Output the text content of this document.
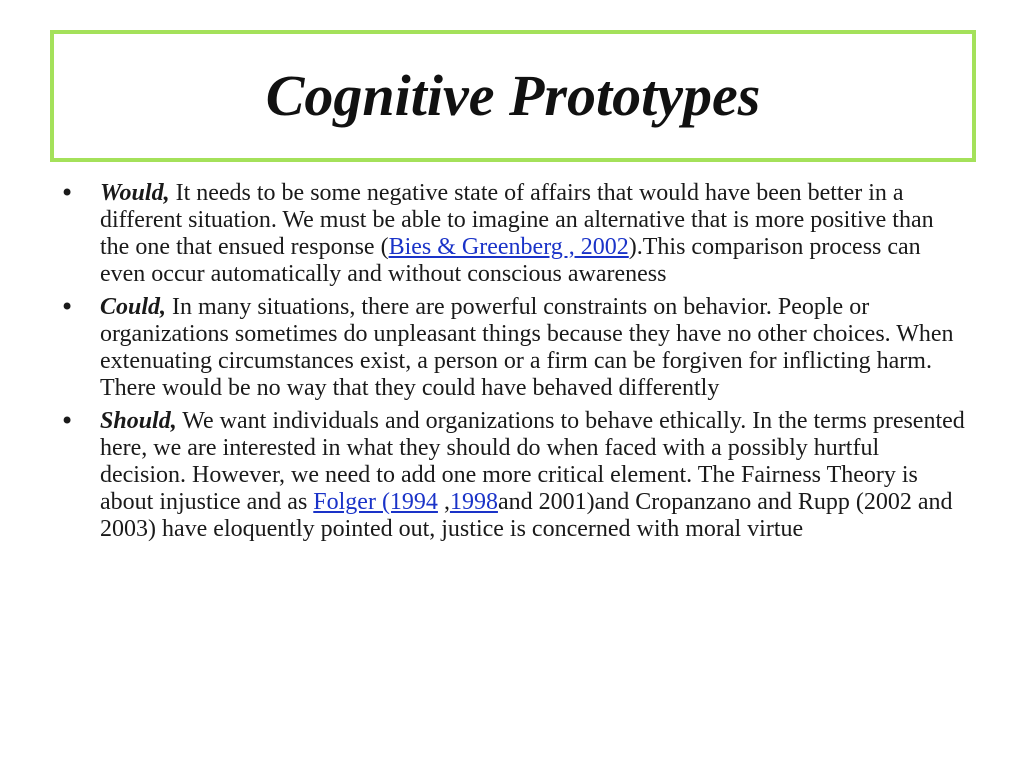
Cognitive Prototypes
• Would, It needs to be some negative state of affairs that would have been better in a different situation. We must be able to imagine an alternative that is more positive than the one that ensued response (Bies & Greenberg , 2002).This comparison process can even occur automatically and without conscious awareness
• Could, In many situations, there are powerful constraints on behavior. People or organizations sometimes do unpleasant things because they have no other choices. When extenuating circumstances exist, a person or a firm can be forgiven for inflicting harm. There would be no way that they could have behaved differently
• Should, We want individuals and organizations to behave ethically. In the terms presented here, we are interested in what they should do when faced with a possibly hurtful decision. However, we need to add one more critical element. The Fairness Theory is about injustice and as Folger (1994 ,1998and 2001)and Cropanzano and Rupp (2002 and 2003) have eloquently pointed out, justice is concerned with moral virtue
